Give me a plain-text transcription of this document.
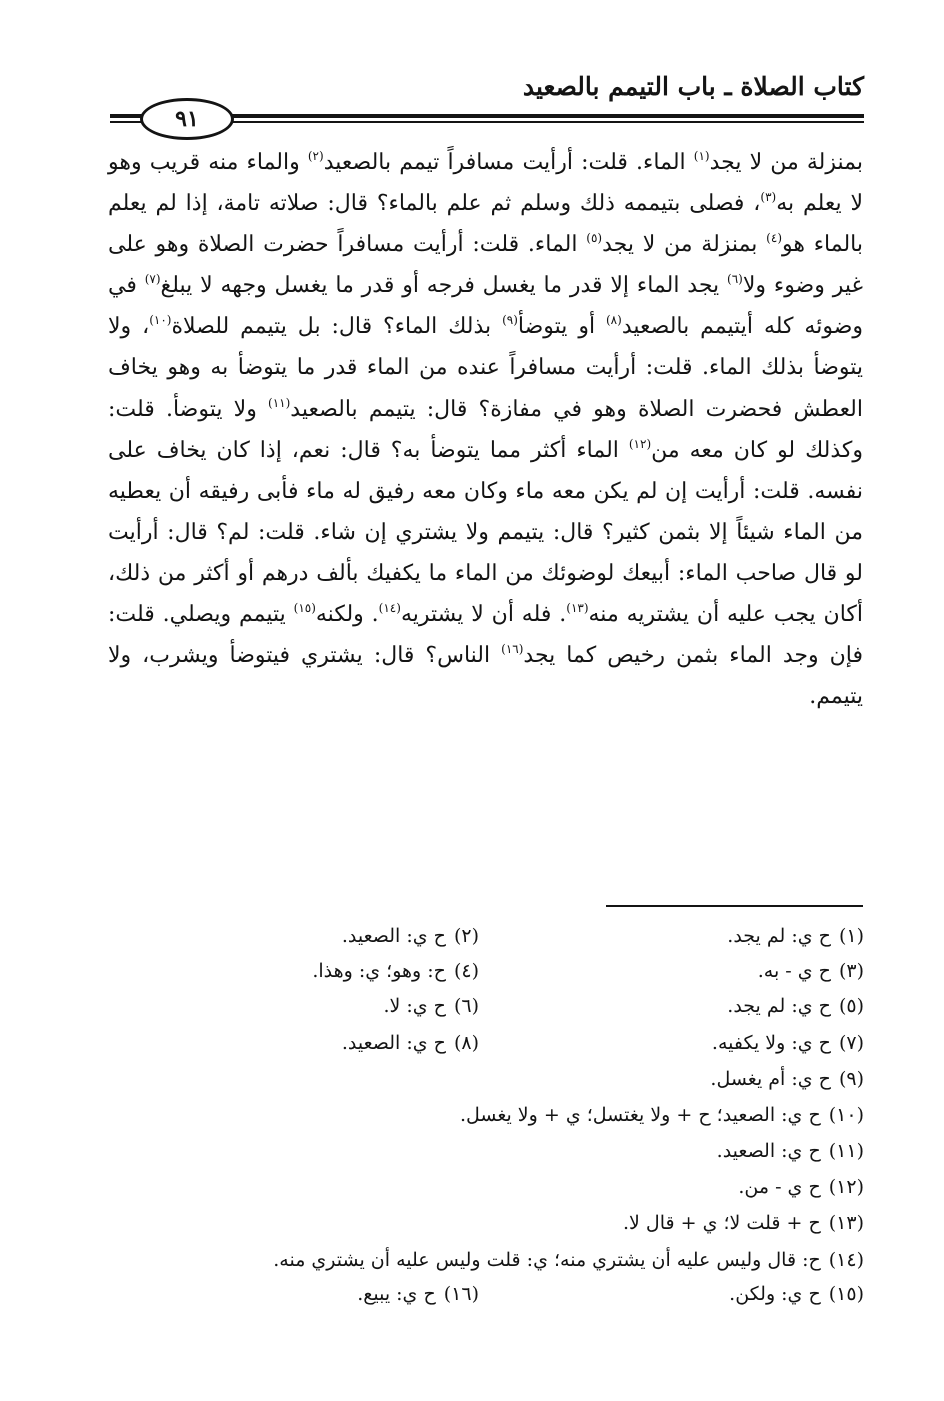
كتاب الصلاة ـ باب التيمم بالصعيد
٩١
بمنزلة من لا يجد$^{(١)}$ الماء. قلت: أرأيت مسافراً تيمم بالصعيد$^{(٢)}$ والماء منه قريب وهو لا يعلم به$^{(٣)}$، فصلى بتيممه ذلك وسلم ثم علم بالماء؟ قال: صلاته تامة، إذا لم يعلم بالماء هو$^{(٤)}$ بمنزلة من لا يجد$^{(٥)}$ الماء. قلت: أرأيت مسافراً حضرت الصلاة وهو على غير وضوء ولا$^{(٦)}$ يجد الماء إلا قدر ما يغسل فرجه أو قدر ما يغسل وجهه لا يبلغ$^{(٧)}$ في وضوئه كله أيتيمم بالصعيد$^{(٨)}$ أو يتوضأ$^{(٩)}$ بذلك الماء؟ قال: بل يتيمم للصلاة$^{(١٠)}$، ولا يتوضأ بذلك الماء. قلت: أرأيت مسافراً عنده من الماء قدر ما يتوضأ به وهو يخاف العطش فحضرت الصلاة وهو في مفازة؟ قال: يتيمم بالصعيد$^{(١١)}$ ولا يتوضأ. قلت: وكذلك لو كان معه من$^{(١٢)}$ الماء أكثر مما يتوضأ به؟ قال: نعم، إذا كان يخاف على نفسه. قلت: أرأيت إن لم يكن معه ماء وكان معه رفيق له ماء فأبى رفيقه أن يعطيه من الماء شيئاً إلا بثمن كثير؟ قال: يتيمم ولا يشتري إن شاء. قلت: لم؟ قال: أرأيت لو قال صاحب الماء: أبيعك لوضوئك من الماء ما يكفيك بألف درهم أو أكثر من ذلك، أكان يجب عليه أن يشتريه منه$^{(١٣)}$. فله أن لا يشتريه$^{(١٤)}$. ولكنه$^{(١٥)}$ يتيمم ويصلي. قلت: فإن وجد الماء بثمن رخيص كما يجد$^{(١٦)}$ الناس؟ قال: يشتري فيتوضأ ويشرب، ولا يتيمم.
(١)ح ي: لم يجد.
(٢)ح ي: الصعيد.
(٣)ح ي - به.
(٤)ح: وهو؛ ي: وهذا.
(٥)ح ي: لم يجد.
(٦)ح ي: لا.
(٧)ح ي: ولا يكفيه.
(٨)ح ي: الصعيد.
(٩)ح ي: أم يغسل.
(١٠)ح ي: الصعيد؛ ح + ولا يغتسل؛ ي + ولا يغسل.
(١١)ح ي: الصعيد.
(١٢)ح ي - من.
(١٣)ح + قلت لا؛ ي + قال لا.
(١٤)ح: قال وليس عليه أن يشتري منه؛ ي: قلت وليس عليه أن يشتري منه.
(١٥)ح ي: ولكن.
(١٦)ح ي: يبيع.
